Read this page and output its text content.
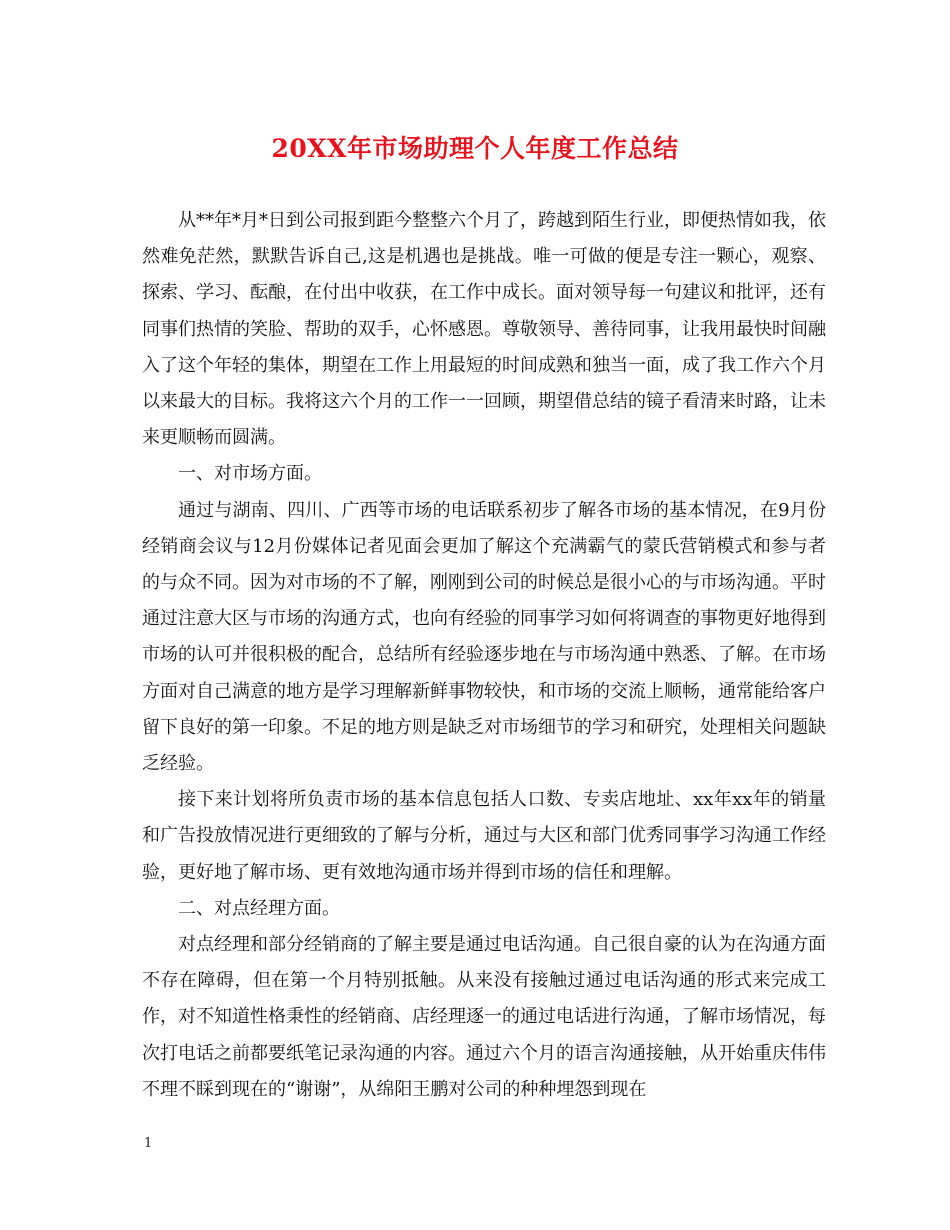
20XX年市场助理个人年度工作总结

从**年*月*日到公司报到距今整整六个月了，跨越到陌生行业，即便热情如我，依然难免茫然，默默告诉自己,这是机遇也是挑战。唯一可做的便是专注一颗心，观察、探索、学习、酝酿，在付出中收获，在工作中成长。面对领导每一句建议和批评，还有同事们热情的笑脸、帮助的双手，心怀感恩。尊敬领导、善待同事，让我用最快时间融入了这个年轻的集体，期望在工作上用最短的时间成熟和独当一面，成了我工作六个月以来最大的目标。我将这六个月的工作一一回顾，期望借总结的镜子看清来时路，让未来更顺畅而圆满。

一、对市场方面。

通过与湖南、四川、广西等市场的电话联系初步了解各市场的基本情况，在9月份经销商会议与12月份媒体记者见面会更加了解这个充满霸气的蒙氏营销模式和参与者的与众不同。因为对市场的不了解，刚刚到公司的时候总是很小心的与市场沟通。平时通过注意大区与市场的沟通方式，也向有经验的同事学习如何将调查的事物更好地得到市场的认可并很积极的配合，总结所有经验逐步地在与市场沟通中熟悉、了解。在市场方面对自己满意的地方是学习理解新鲜事物较快，和市场的交流上顺畅，通常能给客户留下良好的第一印象。不足的地方则是缺乏对市场细节的学习和研究，处理相关问题缺乏经验。

接下来计划将所负责市场的基本信息包括人口数、专卖店地址、xx年xx年的销量和广告投放情况进行更细致的了解与分析，通过与大区和部门优秀同事学习沟通工作经验，更好地了解市场、更有效地沟通市场并得到市场的信任和理解。

二、对点经理方面。

对点经理和部分经销商的了解主要是通过电话沟通。自己很自豪的认为在沟通方面不存在障碍，但在第一个月特别抵触。从来没有接触过通过电话沟通的形式来完成工作，对不知道性格秉性的经销商、店经理逐一的通过电话进行沟通，了解市场情况，每次打电话之前都要纸笔记录沟通的内容。通过六个月的语言沟通接触，从开始重庆伟伟不理不睬到现在的“谢谢”，从绵阳王鹏对公司的种种埋怨到现在

1
